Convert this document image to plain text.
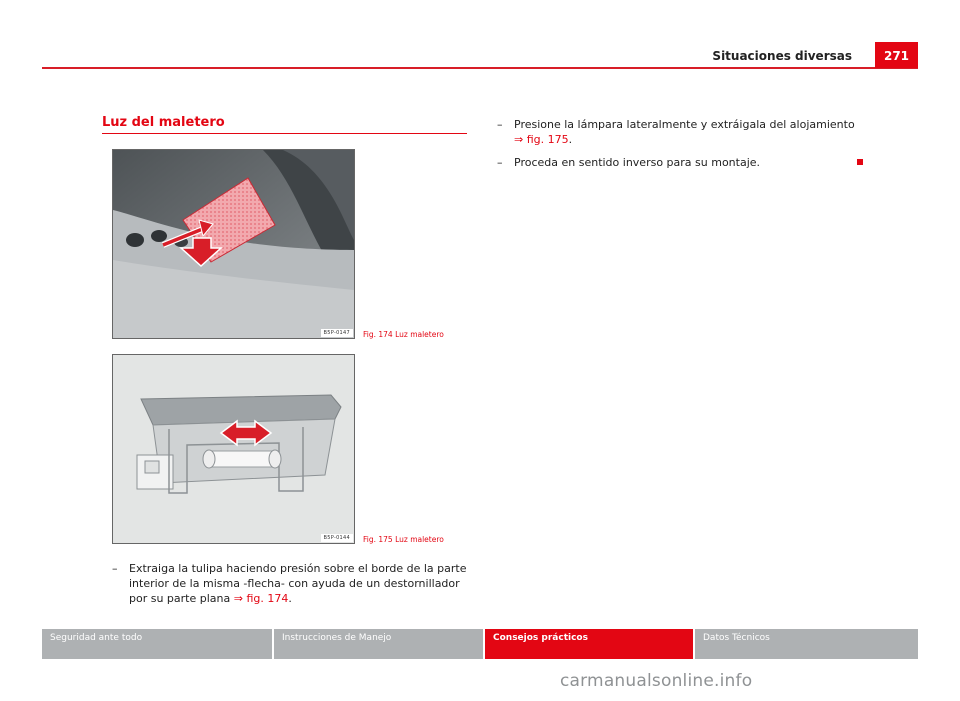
Situaciones diversas	271
Luz del maletero
B5P-0147	Fig. 174 Luz maletero
B5P-0144	Fig. 175 Luz maletero
–	Extraiga la tulipa haciendo presión sobre el borde de la parte interior de la misma -flecha- con ayuda de un destornillador por su parte plana ⇒ fig. 174.
–	Presione la lámpara lateralmente y extráigala del alojamiento ⇒ fig. 175.
–	Proceda en sentido inverso para su montaje.
Seguridad ante todo	Instrucciones de Manejo	Consejos prácticos	Datos Técnicos
carmanualsonline.info
